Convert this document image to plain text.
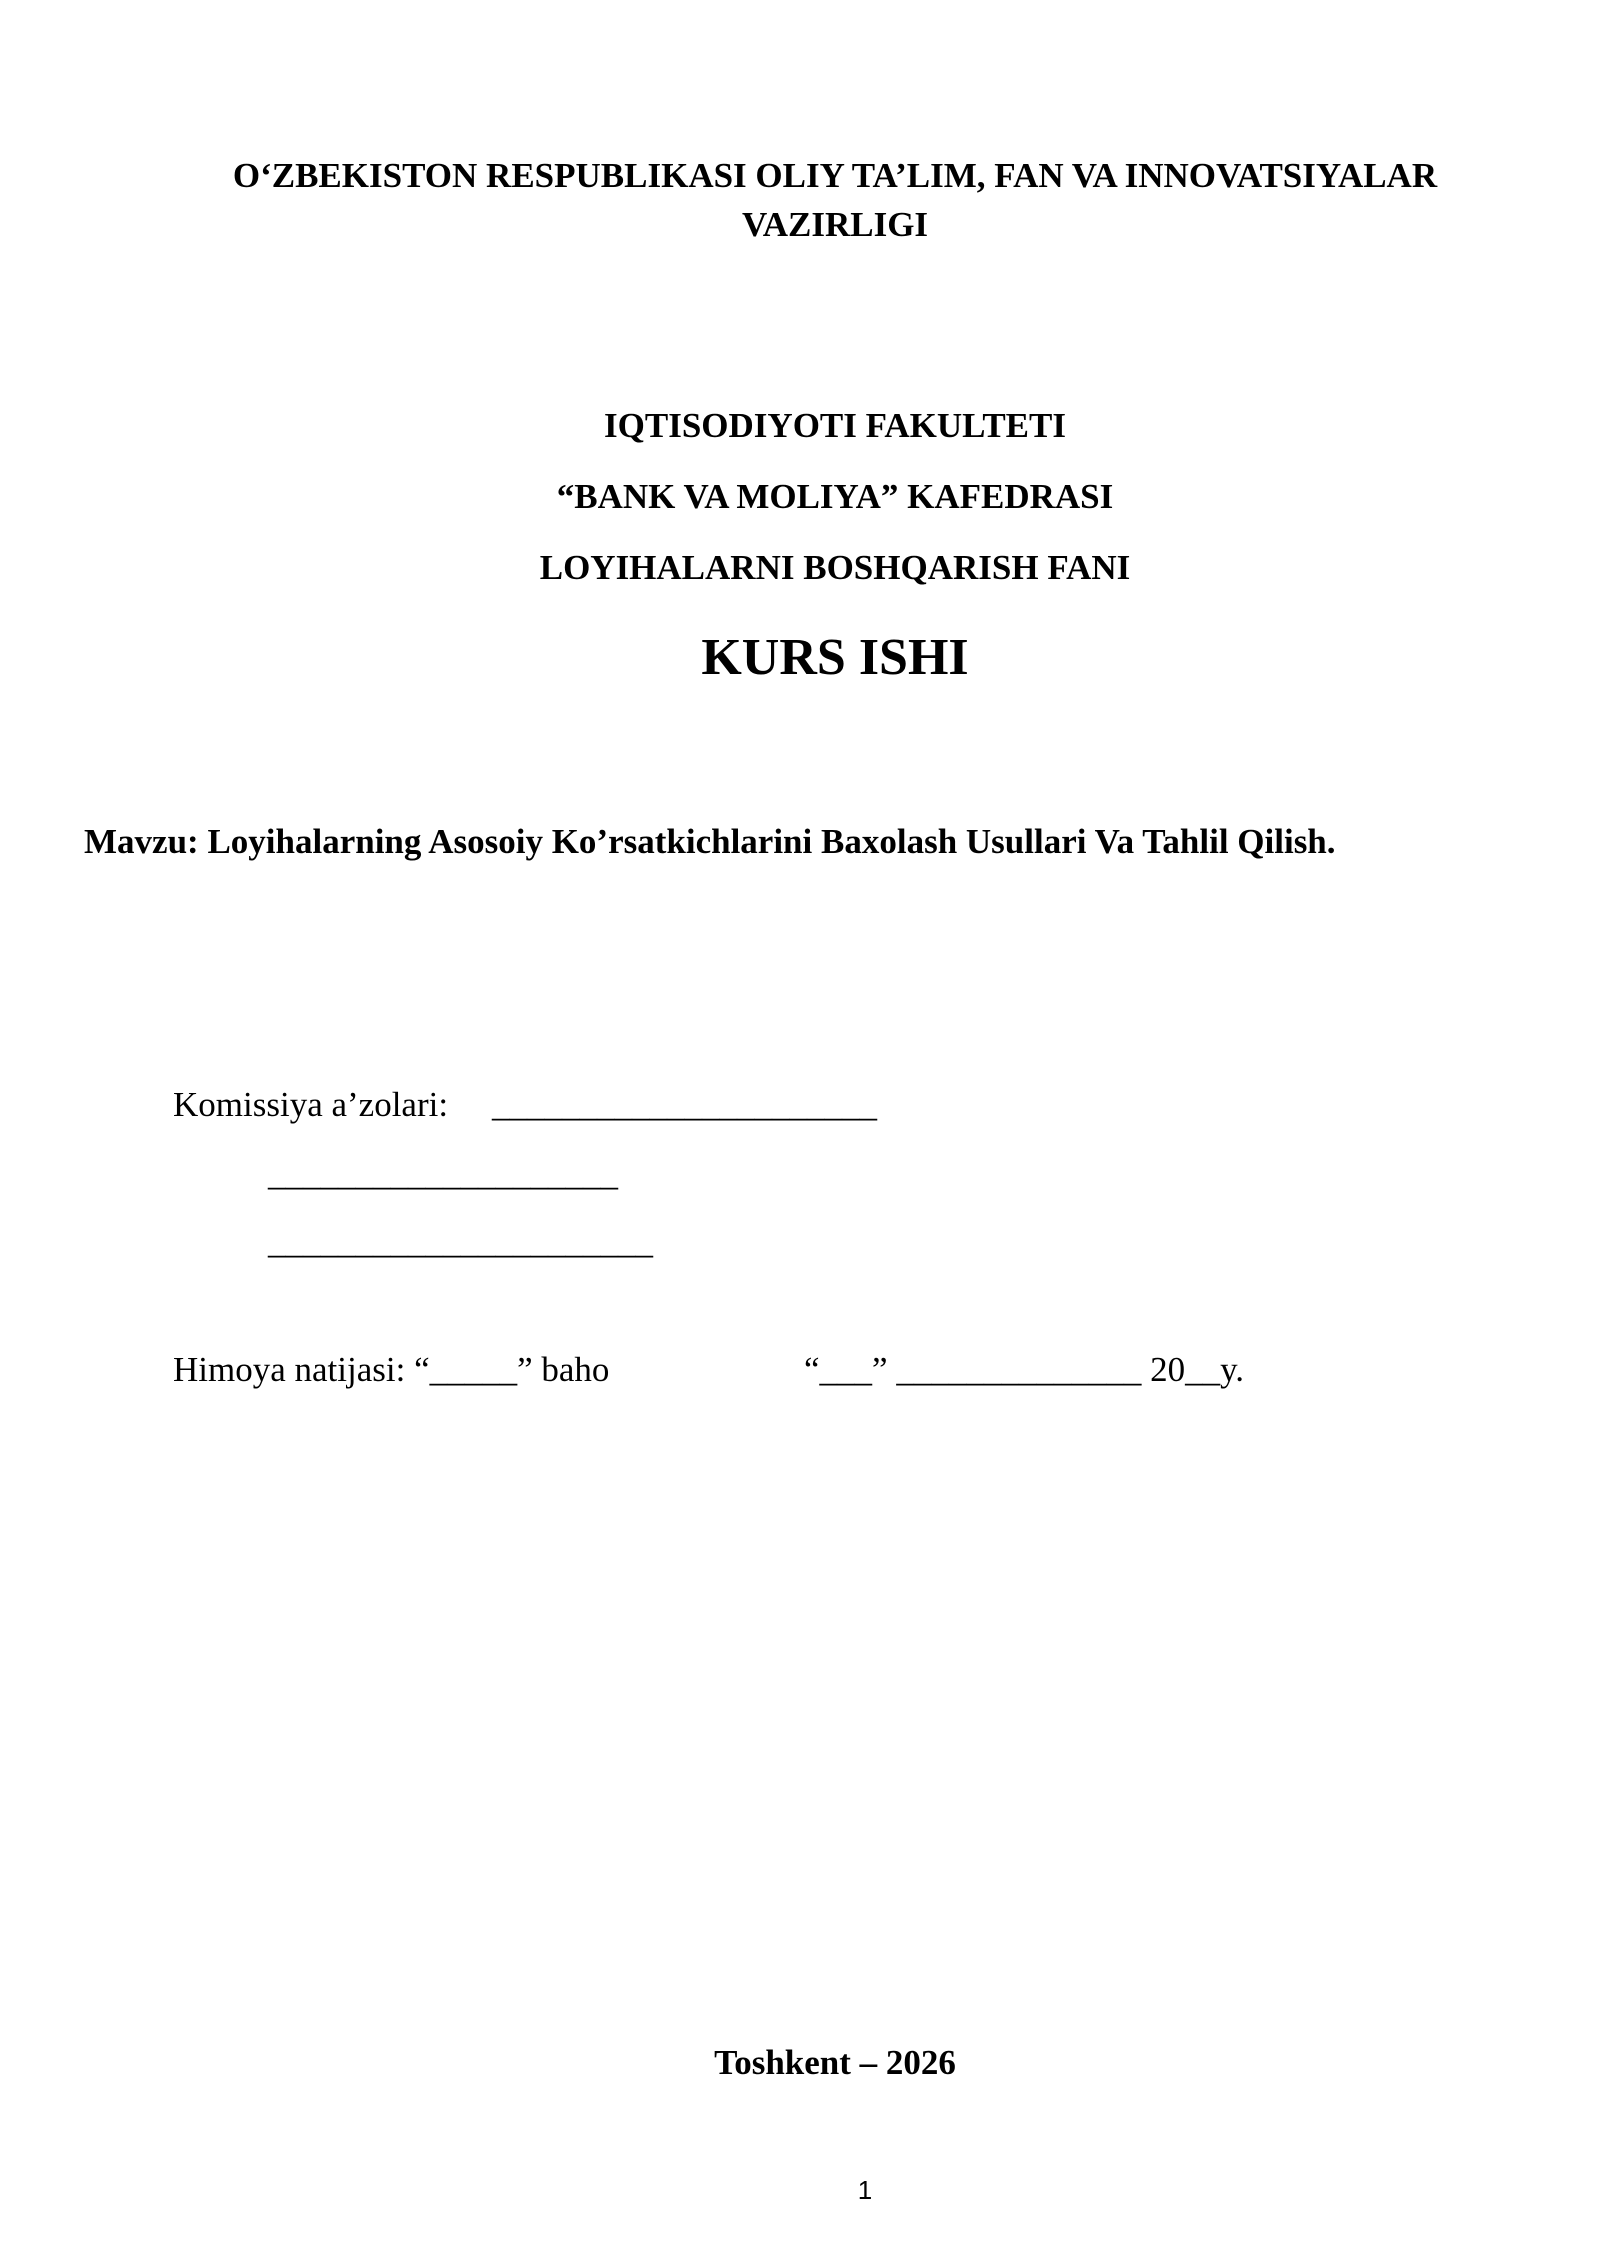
O‘ZBEKISTON RESPUBLIKASI OLIY TA’LIM, FAN VA INNOVATSIYALAR
VAZIRLIGI
IQTISODIYOTI FAKULTETI
“BANK VA MOLIYA” KAFEDRASI
LOYIHALARNI BOSHQARISH FANI
KURS ISHI
Mavzu: Loyihalarning Asosoiy Ko’rsatkichlarini Baxolash Usullari Va Tahlil Qilish.
Komissiya a’zolari: ______________________
____________________
______________________
Himoya natijasi: “_____” baho	“___” ______________ 20__y.
Toshkent – 2026
1
